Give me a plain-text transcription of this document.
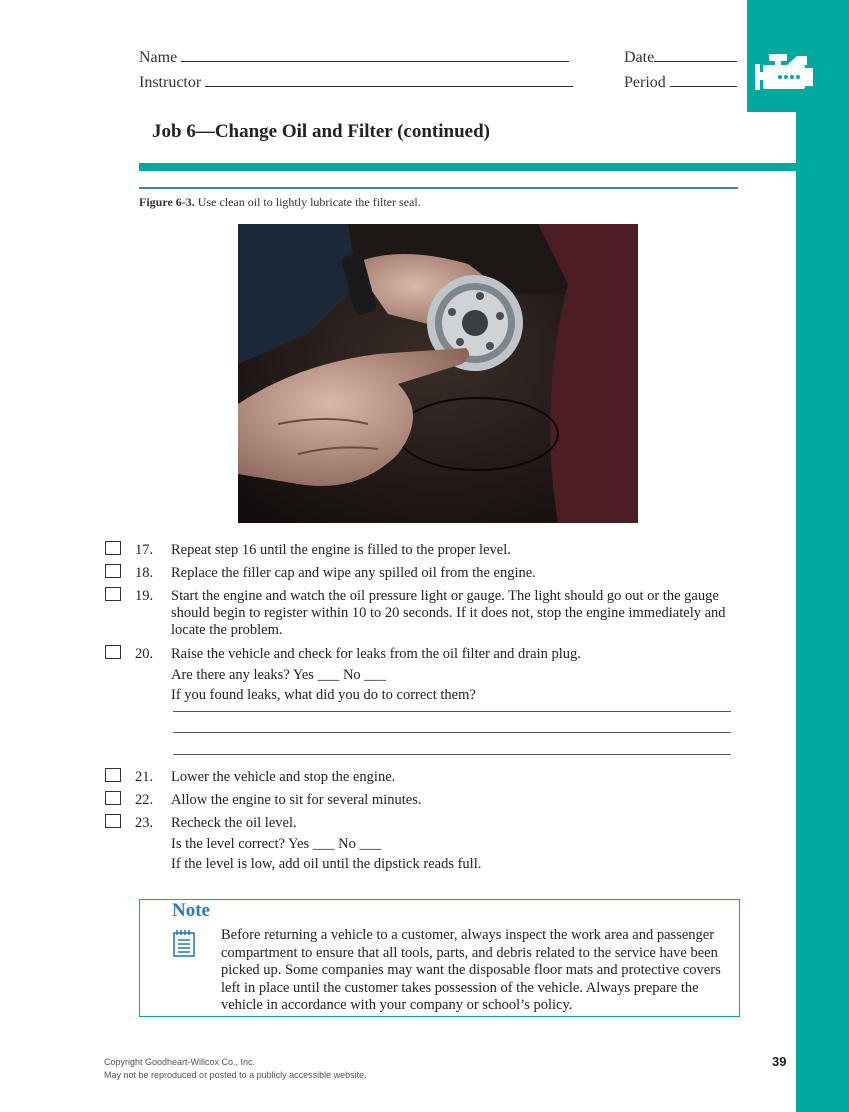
Name
Instructor
Date
Period
Job 6—Change Oil and Filter (continued)
Figure 6-3. Use clean oil to lightly lubricate the filter seal.
17. Repeat step 16 until the engine is filled to the proper level.
18. Replace the filler cap and wipe any spilled oil from the engine.
19. Start the engine and watch the oil pressure light or gauge. The light should go out or the gauge should begin to register within 10 to 20 seconds. If it does not, stop the engine immediately and locate the problem.
20. Raise the vehicle and check for leaks from the oil filter and drain plug.
Are there any leaks? Yes ___ No ___
If you found leaks, what did you do to correct them?
21. Lower the vehicle and stop the engine.
22. Allow the engine to sit for several minutes.
23. Recheck the oil level.
Is the level correct? Yes ___ No ___
If the level is low, add oil until the dipstick reads full.
Note
Before returning a vehicle to a customer, always inspect the work area and passenger compartment to ensure that all tools, parts, and debris related to the service have been picked up. Some companies may want the disposable floor mats and protective covers left in place until the customer takes possession of the vehicle. Always prepare the vehicle in accordance with your company or school’s policy.
Copyright Goodheart-Willcox Co., Inc.
May not be reproduced or posted to a publicly accessible website.
39
